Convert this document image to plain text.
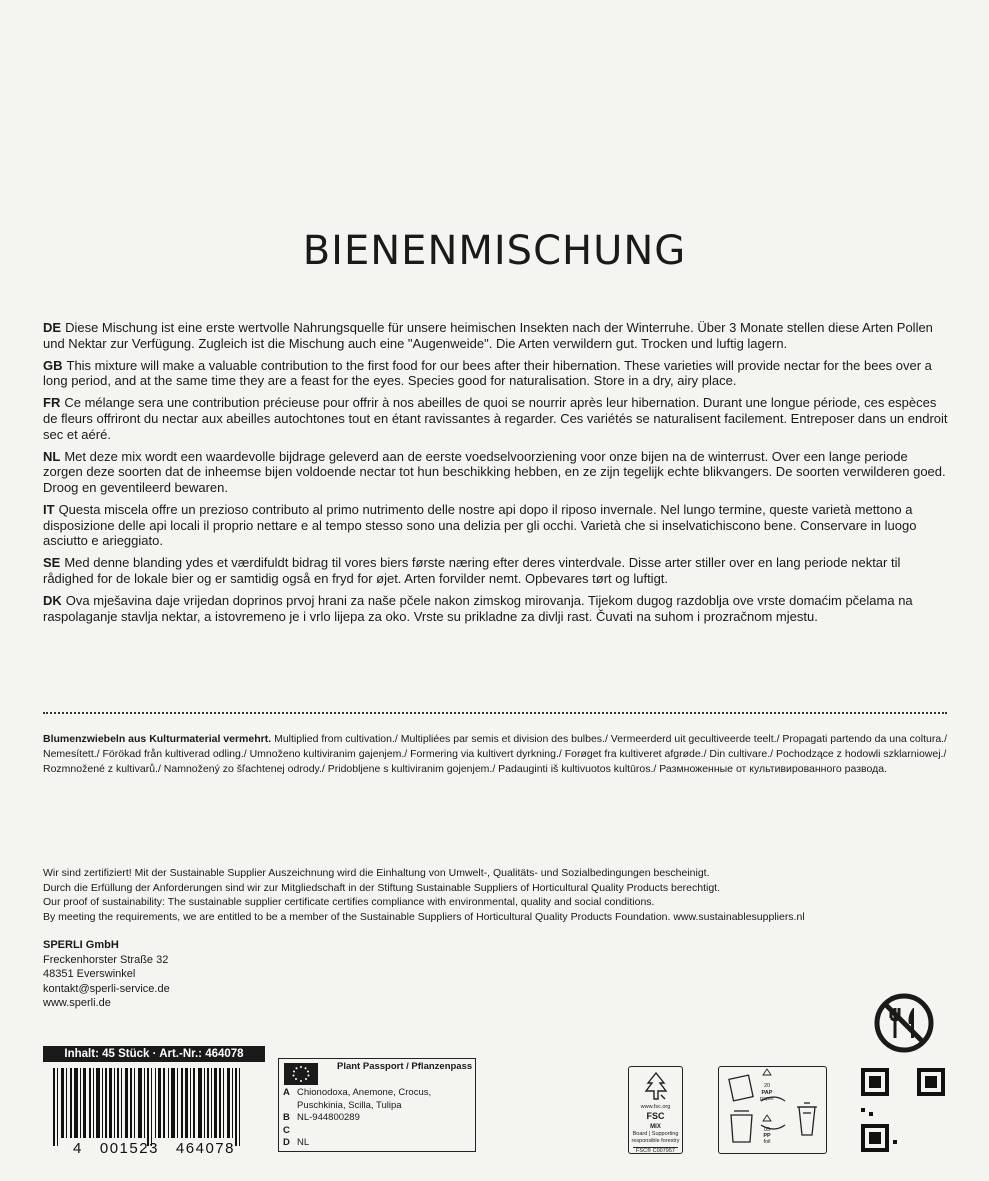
BIENENMISCHUNG

DE Diese Mischung ist eine erste wertvolle Nahrungsquelle für unsere heimischen Insekten nach der Winterruhe. Über 3 Monate stellen diese Arten Pollen und Nektar zur Verfügung. Zugleich ist die Mischung auch eine "Augenweide". Die Arten verwildern gut. Trocken und luftig lagern.

GB This mixture will make a valuable contribution to the first food for our bees after their hibernation. These varieties will provide nectar for the bees over a long period, and at the same time they are a feast for the eyes. Species good for naturalisation. Store in a dry, airy place.

FR Ce mélange sera une contribution précieuse pour offrir à nos abeilles de quoi se nourrir après leur hibernation. Durant une longue période, ces espèces de fleurs offriront du nectar aux abeilles autochtones tout en étant ravissantes à regarder. Ces variétés se naturalisent facilement. Entreposer dans un endroit sec et aéré.

NL Met deze mix wordt een waardevolle bijdrage geleverd aan de eerste voedselvoorziening voor onze bijen na de winterrust. Over een lange periode zorgen deze soorten dat de inheemse bijen voldoende nectar tot hun beschikking hebben, en ze zijn tegelijk echte blikvangers. De soorten verwilderen goed. Droog en geventileerd bewaren.

IT Questa miscela offre un prezioso contributo al primo nutrimento delle nostre api dopo il riposo invernale. Nel lungo termine, queste varietà mettono a disposizione delle api locali il proprio nettare e al tempo stesso sono una delizia per gli occhi. Varietà che si inselvatichiscono bene. Conservare in luogo asciutto e arieggiato.

SE Med denne blanding ydes et værdifuldt bidrag til vores biers første næring efter deres vinterdvale. Disse arter stiller over en lang periode nektar til rådighed for de lokale bier og er samtidig også en fryd for øjet. Arten forvilder nemt. Opbevares tørt og luftigt.

DK Ova mješavina daje vrijedan doprinos prvoj hrani za naše pčele nakon zimskog mirovanja. Tijekom dugog razdoblja ove vrste domaćim pčelama na raspolaganje stavlja nektar, a istovremeno je i vrlo lijepa za oko. Vrste su prikladne za divlji rast. Čuvati na suhom i prozračnom mjestu.

Blumenzwiebeln aus Kulturmaterial vermehrt. Multiplied from cultivation./ Multipliées par semis et division des bulbes./ Vermeerderd uit gecultiveerde teelt./ Propagati partendo da una coltura./ Nemesített./ Förökad från kultiverad odling./ Umnoženo kultiviranim gajenjem./ Formering via kultivert dyrkning./ Forøget fra kultiveret afgrøde./ Din cultivare./ Pochodzące z hodowli szklarniowej./ Rozmnožené z kultivarů./ Namnožený zo šľachtenej odrody./ Pridobljene s kultiviranim gojenjem./ Padauginti iš kultivuotos kultūros./ Размноженные от культивированного развода.
Wir sind zertifiziert! Mit der Sustainable Supplier Auszeichnung wird die Einhaltung von Umwelt-, Qualitäts- und Sozialbedingungen bescheinigt.
Durch die Erfüllung der Anforderungen sind wir zur Mitgliedschaft in der Stiftung Sustainable Suppliers of Horticultural Quality Products berechtigt.
Our proof of sustainability: The sustainable supplier certificate certifies compliance with environmental, quality and social conditions.
By meeting the requirements, we are entitled to be a member of the Sustainable Suppliers of Horticultural Quality Products Foundation. www.sustainablesuppliers.nl
SPERLI GmbH
Freckenhorster Straße 32
48351 Everswinkel
kontakt@sperli-service.de
www.sperli.de
Inhalt: 45 Stück · Art.-Nr.: 464078
4   001523   464078
Plant Passport / Pflanzenpass
A Chionodoxa, Anemone, Crocus,
Puschkinia, Scilla, Tulipa
B NL-944800289
C
D NL
www.fsc.org
FSC
MIX
Board | Supporting
responsible forestry
FSC® C007957
20
PAP
paper
05
PP
foil
